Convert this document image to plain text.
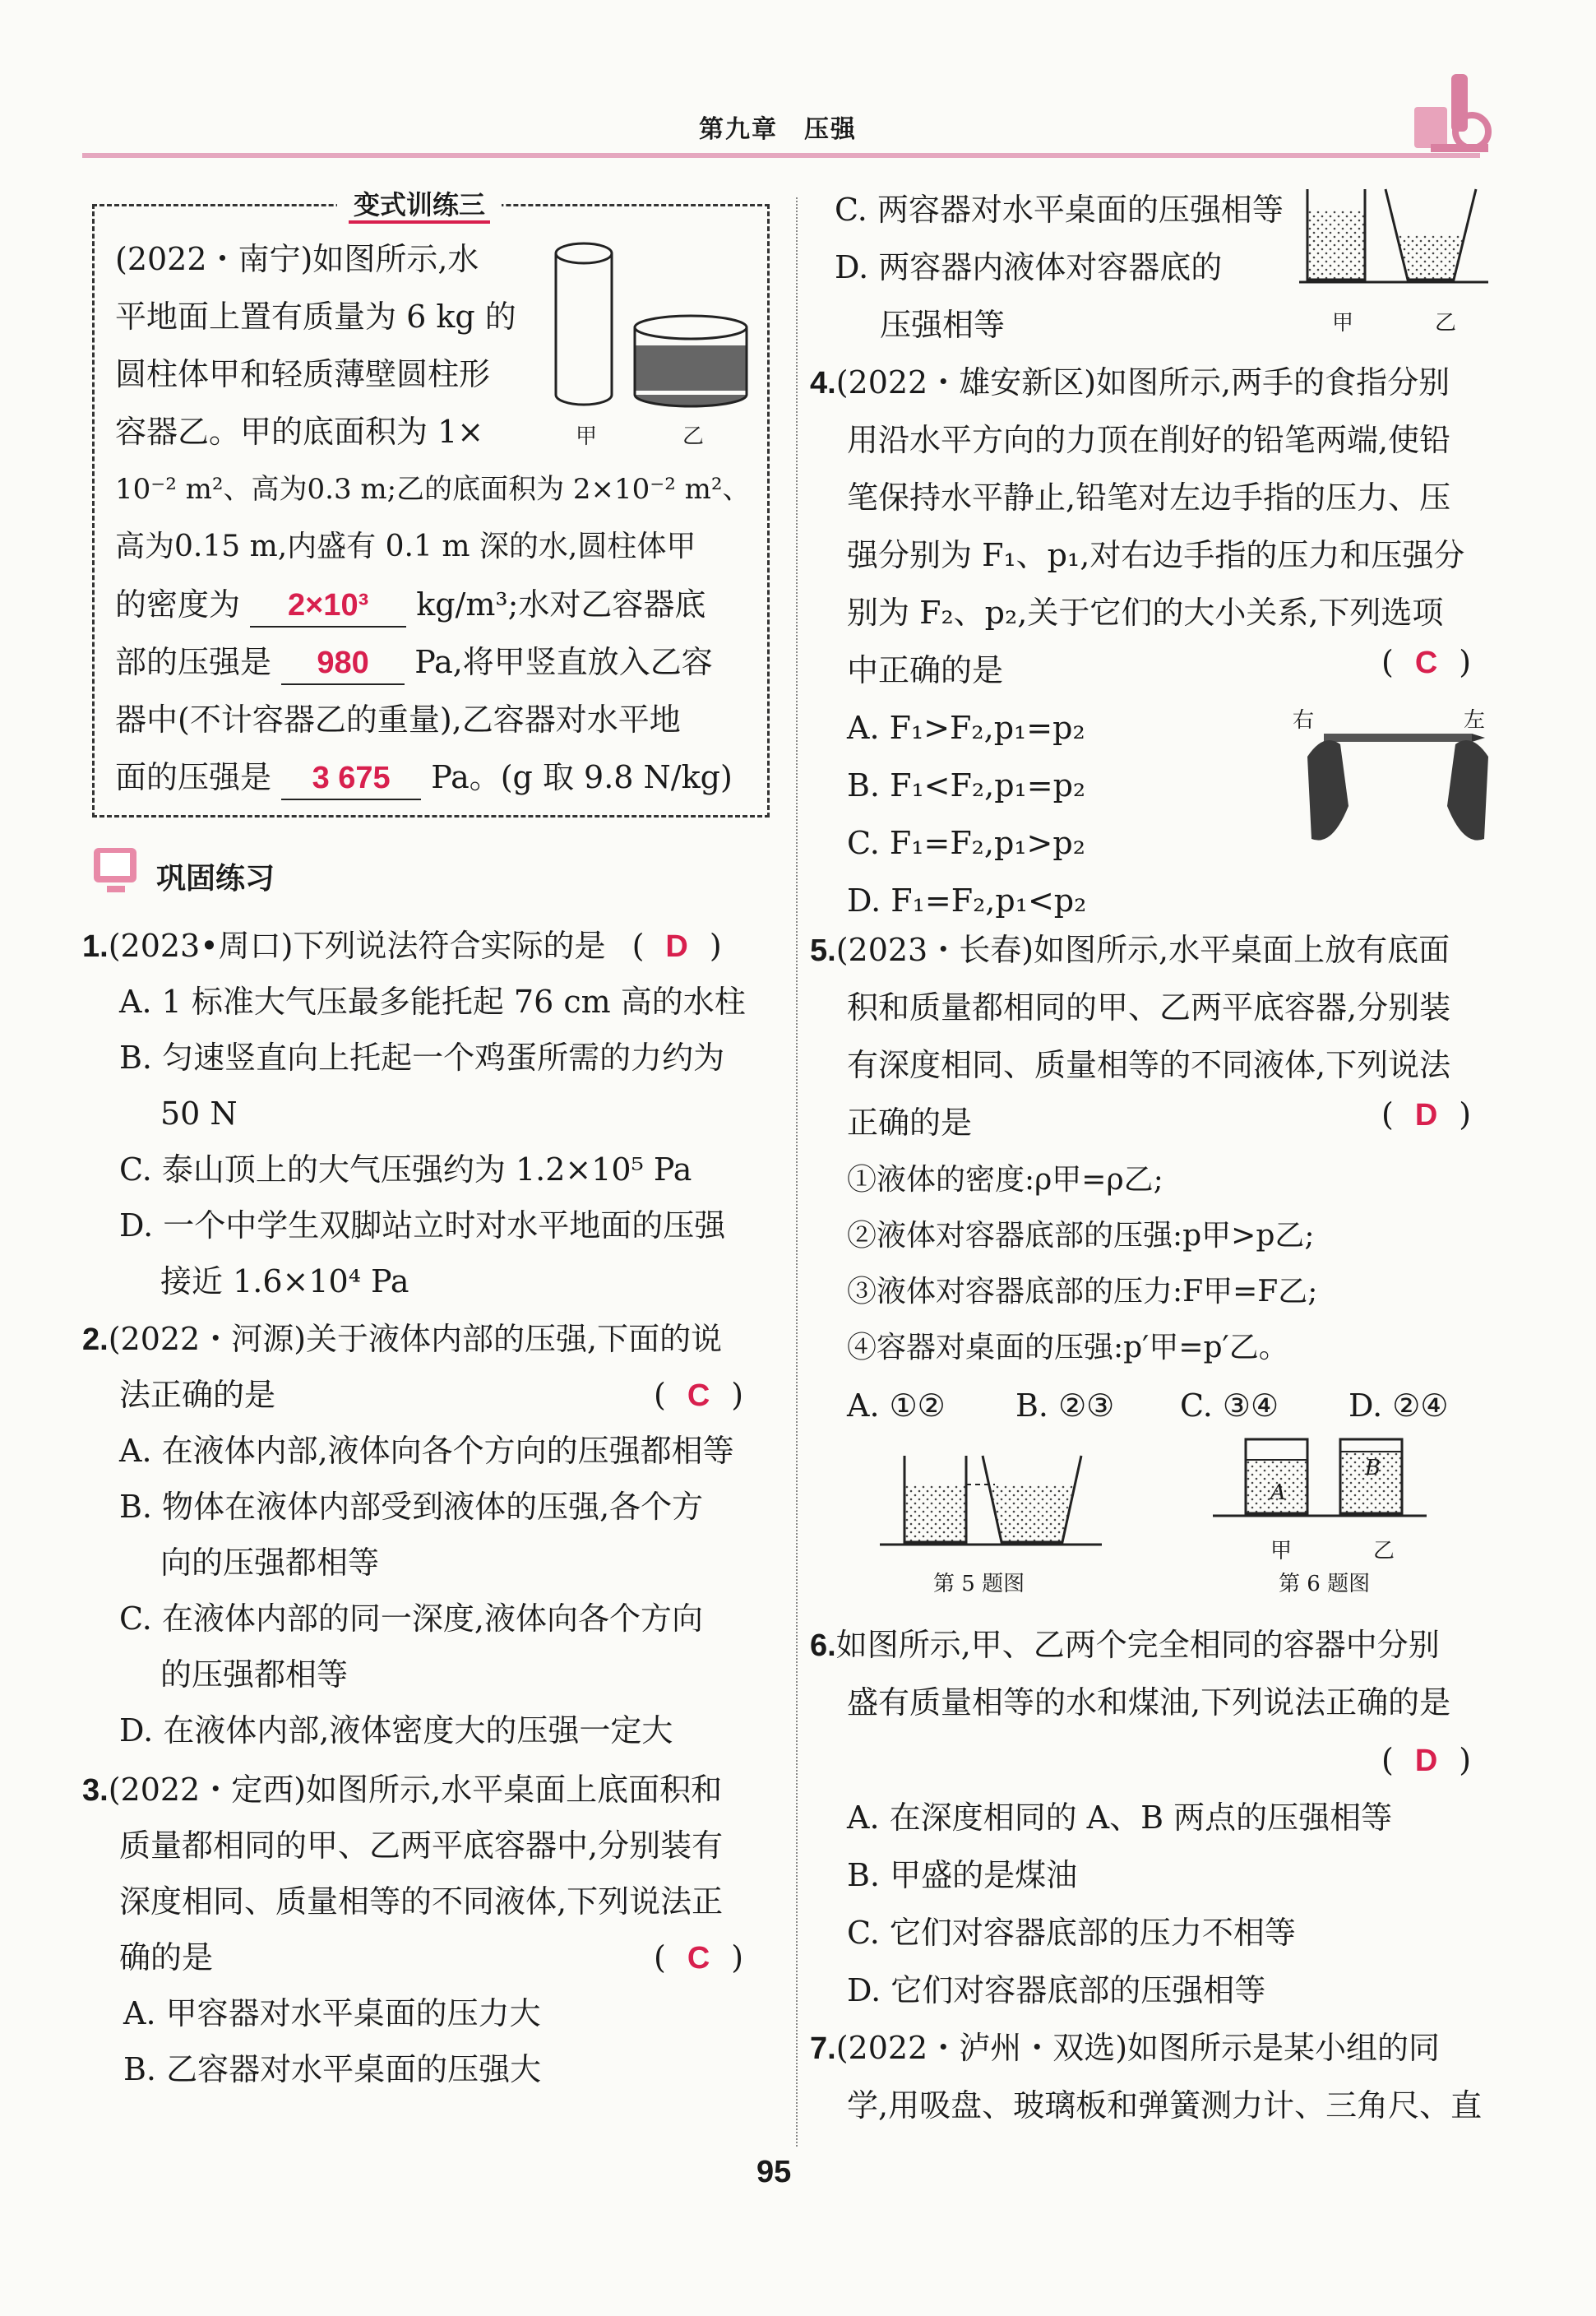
第九章　压强
变式训练三
(2022・南宁)如图所示,水
平地面上置有质量为 6 kg 的
圆柱体甲和轻质薄壁圆柱形
容器乙。甲的底面积为 1×
10⁻² m²、高为0.3 m;乙的底面积为 2×10⁻² m²、
高为0.15 m,内盛有 0.1 m 深的水,圆柱体甲
的密度为 2×10³ kg/m³;水对乙容器底
部的压强是 980 Pa,将甲竖直放入乙容
器中(不计容器乙的重量),乙容器对水平地
面的压强是 3 675 Pa。(g 取 9.8 N/kg)
甲	乙
巩固练习
1.(2023•周口)下列说法符合实际的是 ( D )
A. 1 标准大气压最多能托起 76 cm 高的水柱
B. 匀速竖直向上托起一个鸡蛋所需的力约为
50 N
C. 泰山顶上的大气压强约为 1.2×10⁵ Pa
D. 一个中学生双脚站立时对水平地面的压强
接近 1.6×10⁴ Pa
2.(2022・河源)关于液体内部的压强,下面的说
法正确的是	( C )
A. 在液体内部,液体向各个方向的压强都相等
B. 物体在液体内部受到液体的压强,各个方
向的压强都相等
C. 在液体内部的同一深度,液体向各个方向
的压强都相等
D. 在液体内部,液体密度大的压强一定大
3.(2022・定西)如图所示,水平桌面上底面积和
质量都相同的甲、乙两平底容器中,分别装有
深度相同、质量相等的不同液体,下列说法正
确的是	( C )
A. 甲容器对水平桌面的压力大
B. 乙容器对水平桌面的压强大
C. 两容器对水平桌面的压强相等
D. 两容器内液体对容器底的
压强相等	甲	乙
4.(2022・雄安新区)如图所示,两手的食指分别
用沿水平方向的力顶在削好的铅笔两端,使铅
笔保持水平静止,铅笔对左边手指的压力、压
强分别为 F₁、p₁,对右边手指的压力和压强分
别为 F₂、p₂,关于它们的大小关系,下列选项
中正确的是	( C )
A. F₁>F₂,p₁=p₂
B. F₁<F₂,p₁=p₂
C. F₁=F₂,p₁>p₂
D. F₁=F₂,p₁<p₂
右	左
5.(2023・长春)如图所示,水平桌面上放有底面
积和质量都相同的甲、乙两平底容器,分别装
有深度相同、质量相等的不同液体,下列说法
正确的是	( D )
①液体的密度:ρ甲=ρ乙;
②液体对容器底部的压强:p甲>p乙;
③液体对容器底部的压力:F甲=F乙;
④容器对桌面的压强:p′甲=p′乙。
A. ①② B. ②③ C. ③④ D. ②④
第 5 题图
A
B
甲	乙
第 6 题图
6.如图所示,甲、乙两个完全相同的容器中分别
盛有质量相等的水和煤油,下列说法正确的是
( D )
A. 在深度相同的 A、B 两点的压强相等
B. 甲盛的是煤油
C. 它们对容器底部的压力不相等
D. 它们对容器底部的压强相等
7.(2022・泸州・双选)如图所示是某小组的同
学,用吸盘、玻璃板和弹簧测力计、三角尺、直
95
